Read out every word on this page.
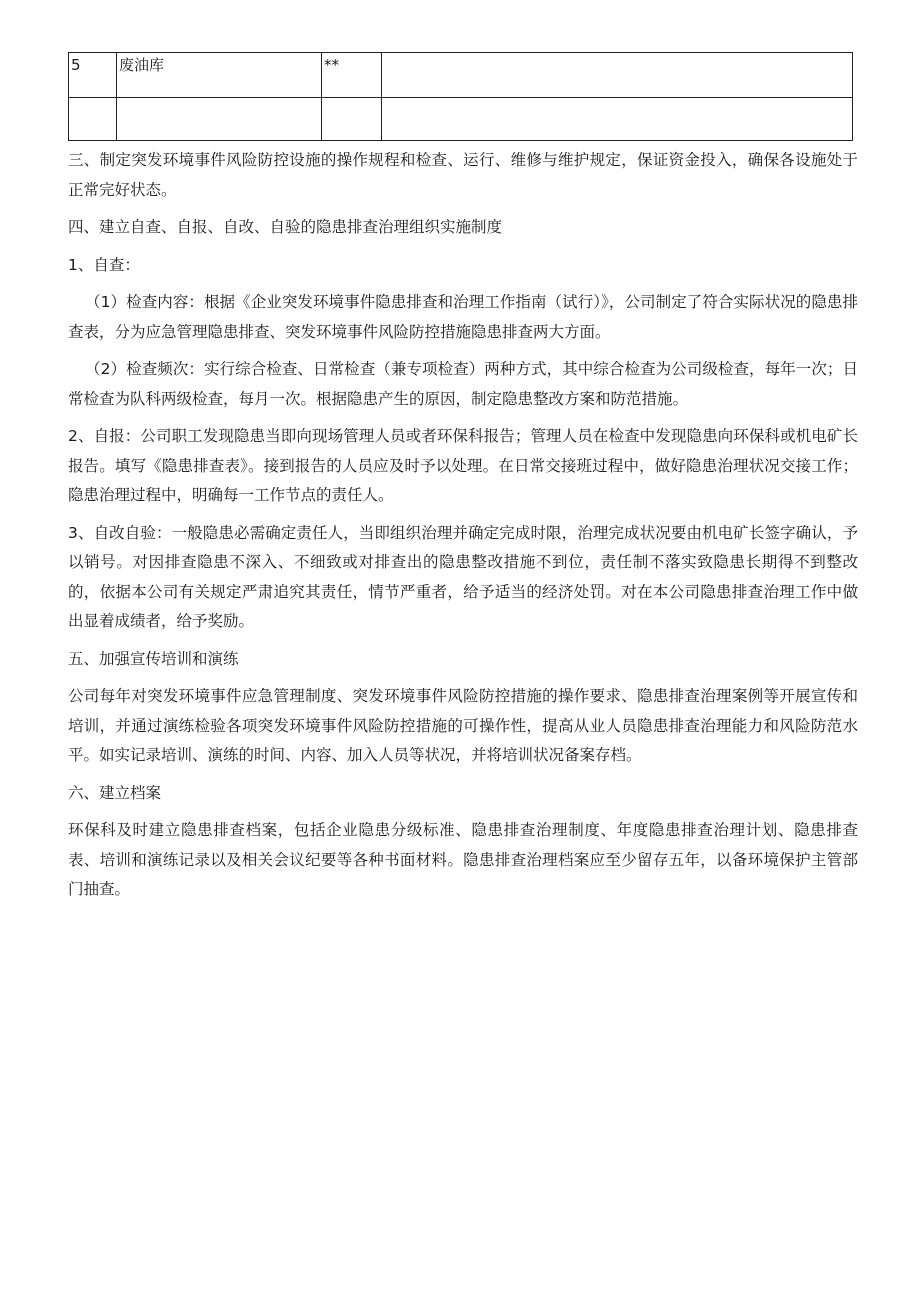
5	废油库	**	

三、制定突发环境事件风险防控设施的操作规程和检查、运行、维修与维护规定，保证资金投入，确保各设施处于正常完好状态。

四、建立自查、自报、自改、自验的隐患排查治理组织实施制度

1、自查：

（1）检查内容：根据《企业突发环境事件隐患排查和治理工作指南（试行）》，公司制定了符合实际状况的隐患排查表，分为应急管理隐患排查、突发环境事件风险防控措施隐患排查两大方面。

（2）检查频次：实行综合检查、日常检查（兼专项检查）两种方式，其中综合检查为公司级检查，每年一次；日常检查为队科两级检查，每月一次。根据隐患产生的原因，制定隐患整改方案和防范措施。

2、自报：公司职工发现隐患当即向现场管理人员或者环保科报告；管理人员在检查中发现隐患向环保科或机电矿长报告。填写《隐患排查表》。接到报告的人员应及时予以处理。在日常交接班过程中，做好隐患治理状况交接工作；隐患治理过程中，明确每一工作节点的责任人。

3、自改自验：一般隐患必需确定责任人，当即组织治理并确定完成时限，治理完成状况要由机电矿长签字确认，予以销号。对因排查隐患不深入、不细致或对排查出的隐患整改措施不到位，责任制不落实致隐患长期得不到整改的，依据本公司有关规定严肃追究其责任，情节严重者，给予适当的经济处罚。对在本公司隐患排查治理工作中做出显着成绩者，给予奖励。

五、加强宣传培训和演练

公司每年对突发环境事件应急管理制度、突发环境事件风险防控措施的操作要求、隐患排查治理案例等开展宣传和培训，并通过演练检验各项突发环境事件风险防控措施的可操作性，提高从业人员隐患排查治理能力和风险防范水平。如实记录培训、演练的时间、内容、加入人员等状况，并将培训状况备案存档。

六、建立档案

环保科及时建立隐患排查档案，包括企业隐患分级标准、隐患排查治理制度、年度隐患排查治理计划、隐患排查表、培训和演练记录以及相关会议纪要等各种书面材料。隐患排查治理档案应至少留存五年，以备环境保护主管部门抽查。
